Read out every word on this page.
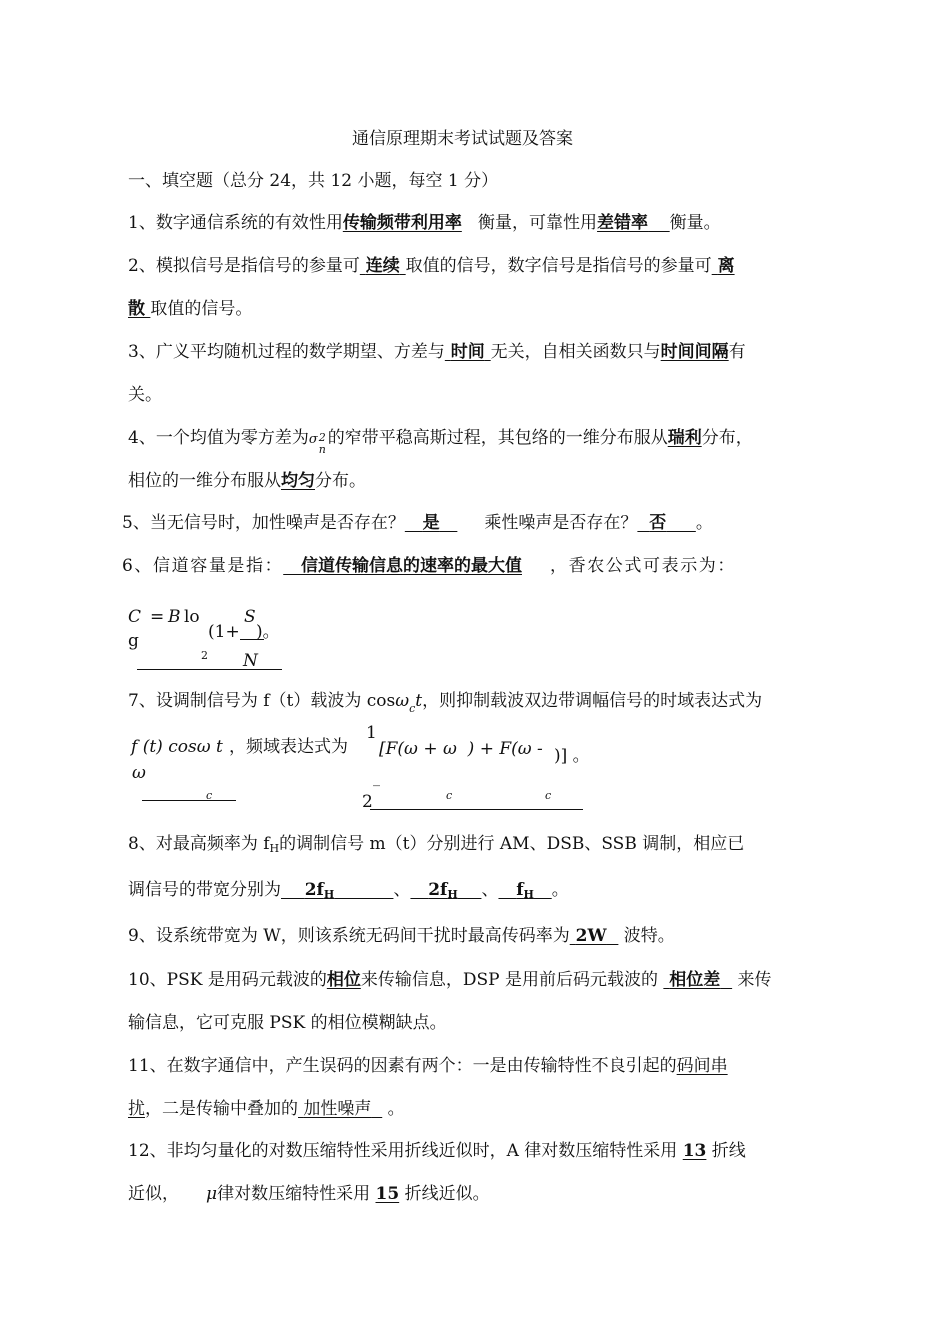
通信原理期末考试试题及答案
一、填空题（总分 24，共 12 小题，每空 1 分）
1、数字通信系统的有效性用传输频带利用率 衡量，可靠性用差错率 衡量。
2、模拟信号是指信号的参量可 连续 取值的信号，数字信号是指信号的参量可 离
散 取值的信号。
3、广义平均随机过程的数学期望、方差与 时间 无关，自相关函数只与时间间隔有
关。
4、一个均值为零方差为σ 2
n
的窄带平稳高斯过程，其包络的一维分布服从瑞利分布，
相位的一维分布服从均匀分布。
5、当无信号时，加性噪声是否存在？ 是	乘性噪声是否存在？ 否 。
6、信道容量是指： 信道传输信息的速率的最大值 ，香农公式可表示为：
C = B lo
g	(1+
S
)。
2 N
7、设调制信号为 f（t）载波为 cosω$_c$t，则抑制载波双边带调幅信号的时域表达式为
f (t) cosω t ，频域表达式为
ω
c
1
_
2
[F(ω + ω ) + F(ω - )] 。
c	c
8、对最高频率为 fH的调制信号 m（t）分别进行 AM、DSB、SSB 调制，相应已
调信号的带宽分别为 2fH	、 2fH 、 fH 。
9、设系统带宽为 W，则该系统无码间干扰时最高传码率为 2W 波特。
10、PSK 是用码元载波的相位来传输信息，DSP 是用前后码元载波的 相位差 来传
输信息，它可克服 PSK 的相位模糊缺点。
11、在数字通信中，产生误码的因素有两个：一是由传输特性不良引起的码间串
扰，二是传输中叠加的 加性噪声 。
12、非均匀量化的对数压缩特性采用折线近似时，A 律对数压缩特性采用 13 折线
近似， μ律对数压缩特性采用 15 折线近似。
